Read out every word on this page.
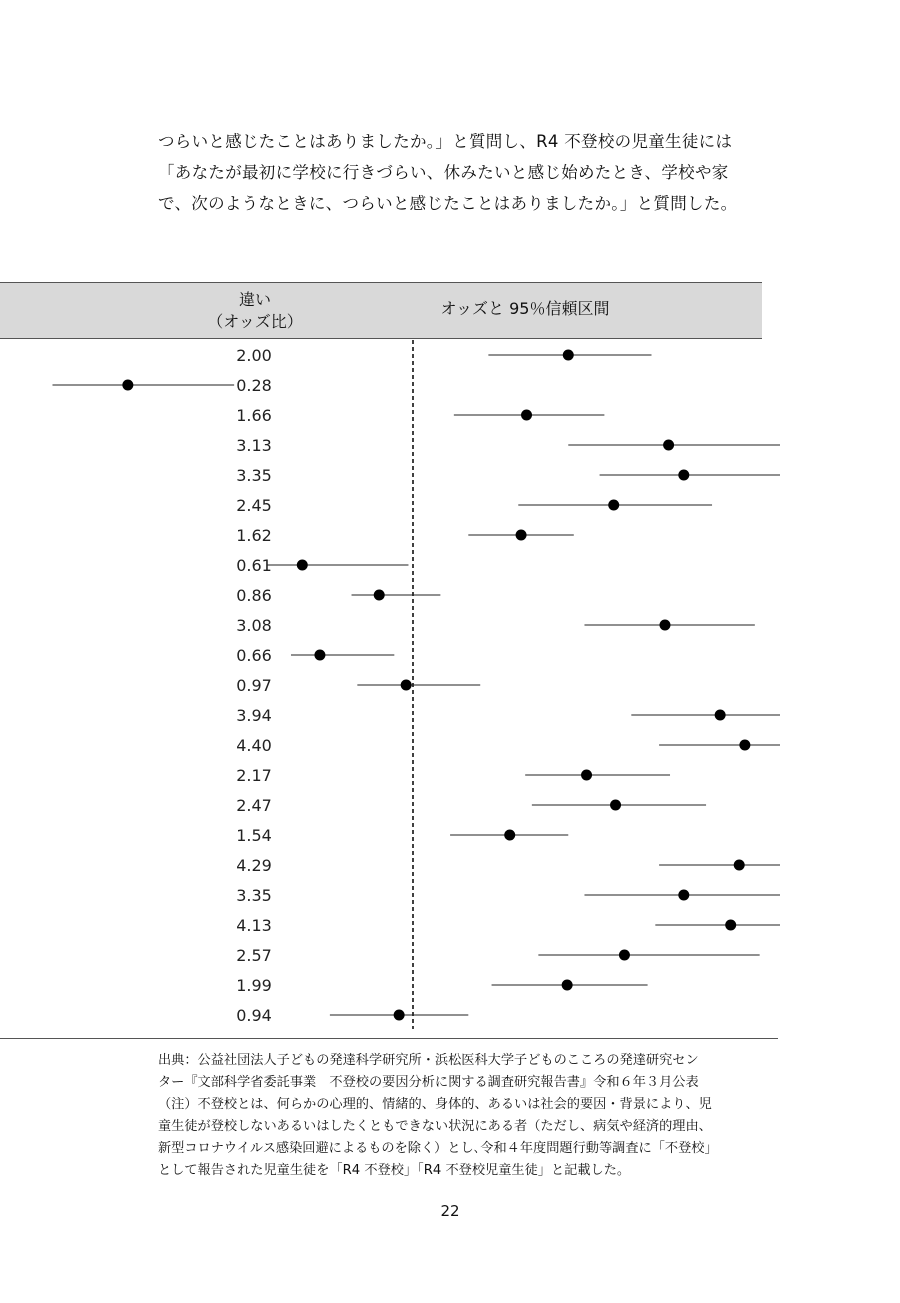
つらいと感じたことはありましたか。」と質問し、R4 不登校の児童生徒には

「あなたが最初に学校に行きづらい、休みたいと感じ始めたとき、学校や家

で、次のようなときに、つらいと感じたことはありましたか。」と質問した。

違い
（オッズ比）
オッズと 95％信頼区間
2.00
0.28
1.66
3.13
3.35
2.45
1.62
0.61
0.86
3.08
0.66
0.97
3.94
4.40
2.17
2.47
1.54
4.29
3.35
4.13
2.57
1.99
0.94

出典：公益社団法人子どもの発達科学研究所・浜松医科大学子どものこころの発達研究セン

ター『文部科学省委託事業　不登校の要因分析に関する調査研究報告書』令和６年３月公表

（注）不登校とは、何らかの心理的、情緒的、身体的、あるいは社会的要因・背景により、児

童生徒が登校しないあるいはしたくともできない状況にある者（ただし、病気や経済的理由、

新型コロナウイルス感染回避によるものを除く）とし､令和４年度問題行動等調査に「不登校」

として報告された児童生徒を「R4 不登校」「R4 不登校児童生徒」と記載した。

22
